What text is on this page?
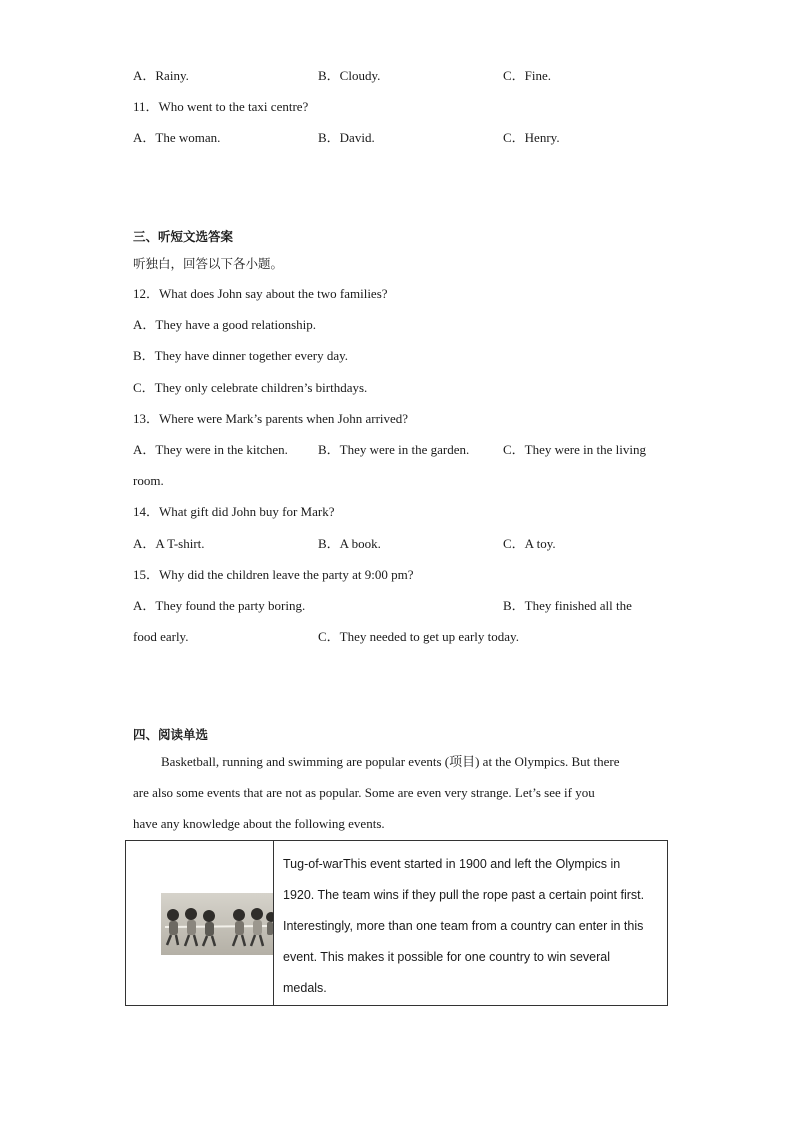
A．Rainy.	B．Cloudy.	C．Fine.
11．Who went to the taxi centre?
A．The woman.	B．David.	C．Henry.
三、听短文选答案
听独白，回答以下各小题。
12．What does John say about the two families?
A．They have a good relationship.
B．They have dinner together every day.
C．They only celebrate children’s birthdays.
13．Where were Mark’s parents when John arrived?
A．They were in the kitchen. B．They were in the garden.	C．They were in the living
room.
14．What gift did John buy for Mark?
A．A T-shirt.	B．A book.	C．A toy.
15．Why did the children leave the party at 9:00 pm?
A．They found the party boring.	B．They finished all the
food early.	C．They needed to get up early today.
四、阅读单选
Basketball, running and swimming are popular events (项目) at the Olympics. But there
are also some events that are not as popular. Some are even very strange. Let’s see if you
have any knowledge about the following events.
Tug-of-warThis event started in 1900 and left the Olympics in
1920. The team wins if they pull the rope past a certain point first.
Interestingly, more than one team from a country can enter in this
event. This makes it possible for one country to win several
medals.
